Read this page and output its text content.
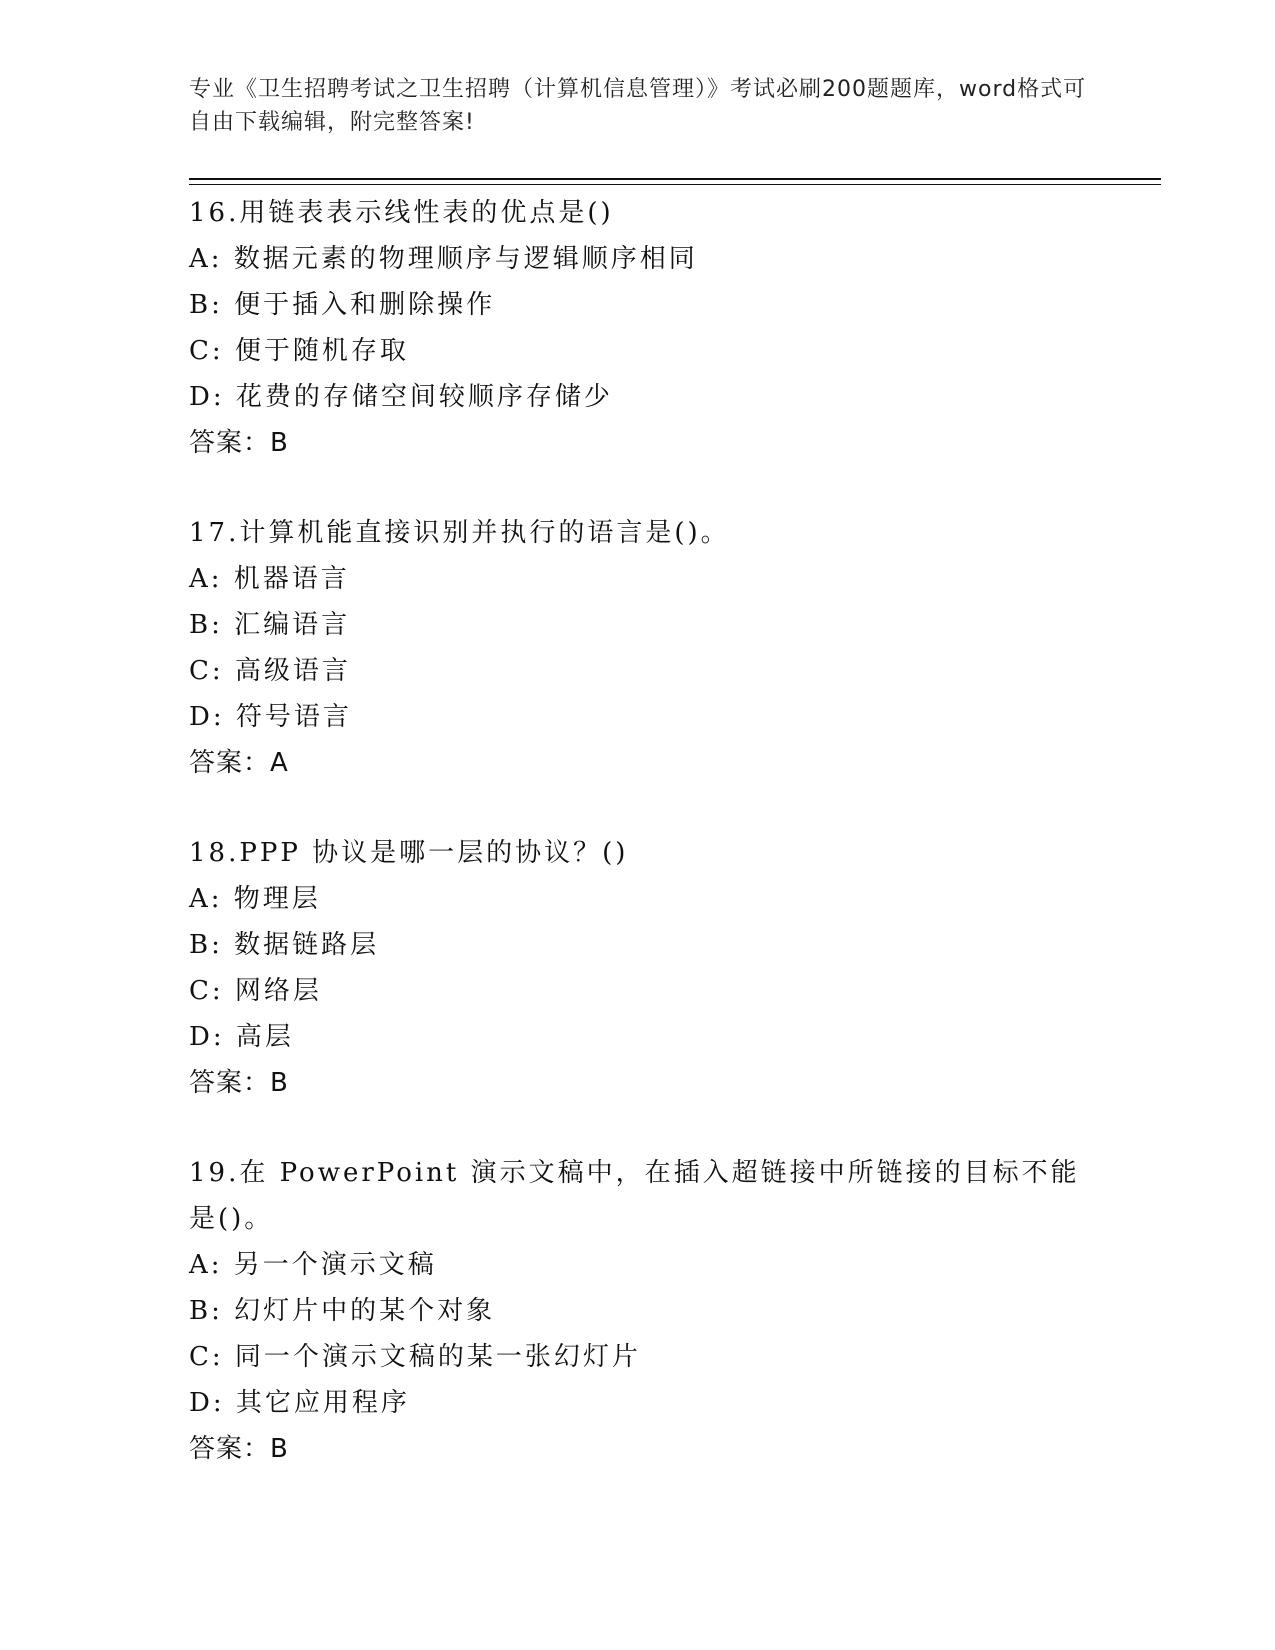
专业《卫生招聘考试之卫生招聘（计算机信息管理）》考试必刷200题题库，word格式可自由下载编辑，附完整答案!
16.用链表表示线性表的优点是()
A: 数据元素的物理顺序与逻辑顺序相同
B: 便于插入和删除操作
C: 便于随机存取
D: 花费的存储空间较顺序存储少
答案：B
17.计算机能直接识别并执行的语言是()。
A: 机器语言
B: 汇编语言
C: 高级语言
D: 符号语言
答案：A
18.PPP 协议是哪一层的协议？()
A: 物理层
B: 数据链路层
C: 网络层
D: 高层
答案：B
19.在 PowerPoint 演示文稿中，在插入超链接中所链接的目标不能是()。
A: 另一个演示文稿
B: 幻灯片中的某个对象
C: 同一个演示文稿的某一张幻灯片
D: 其它应用程序
答案：B
